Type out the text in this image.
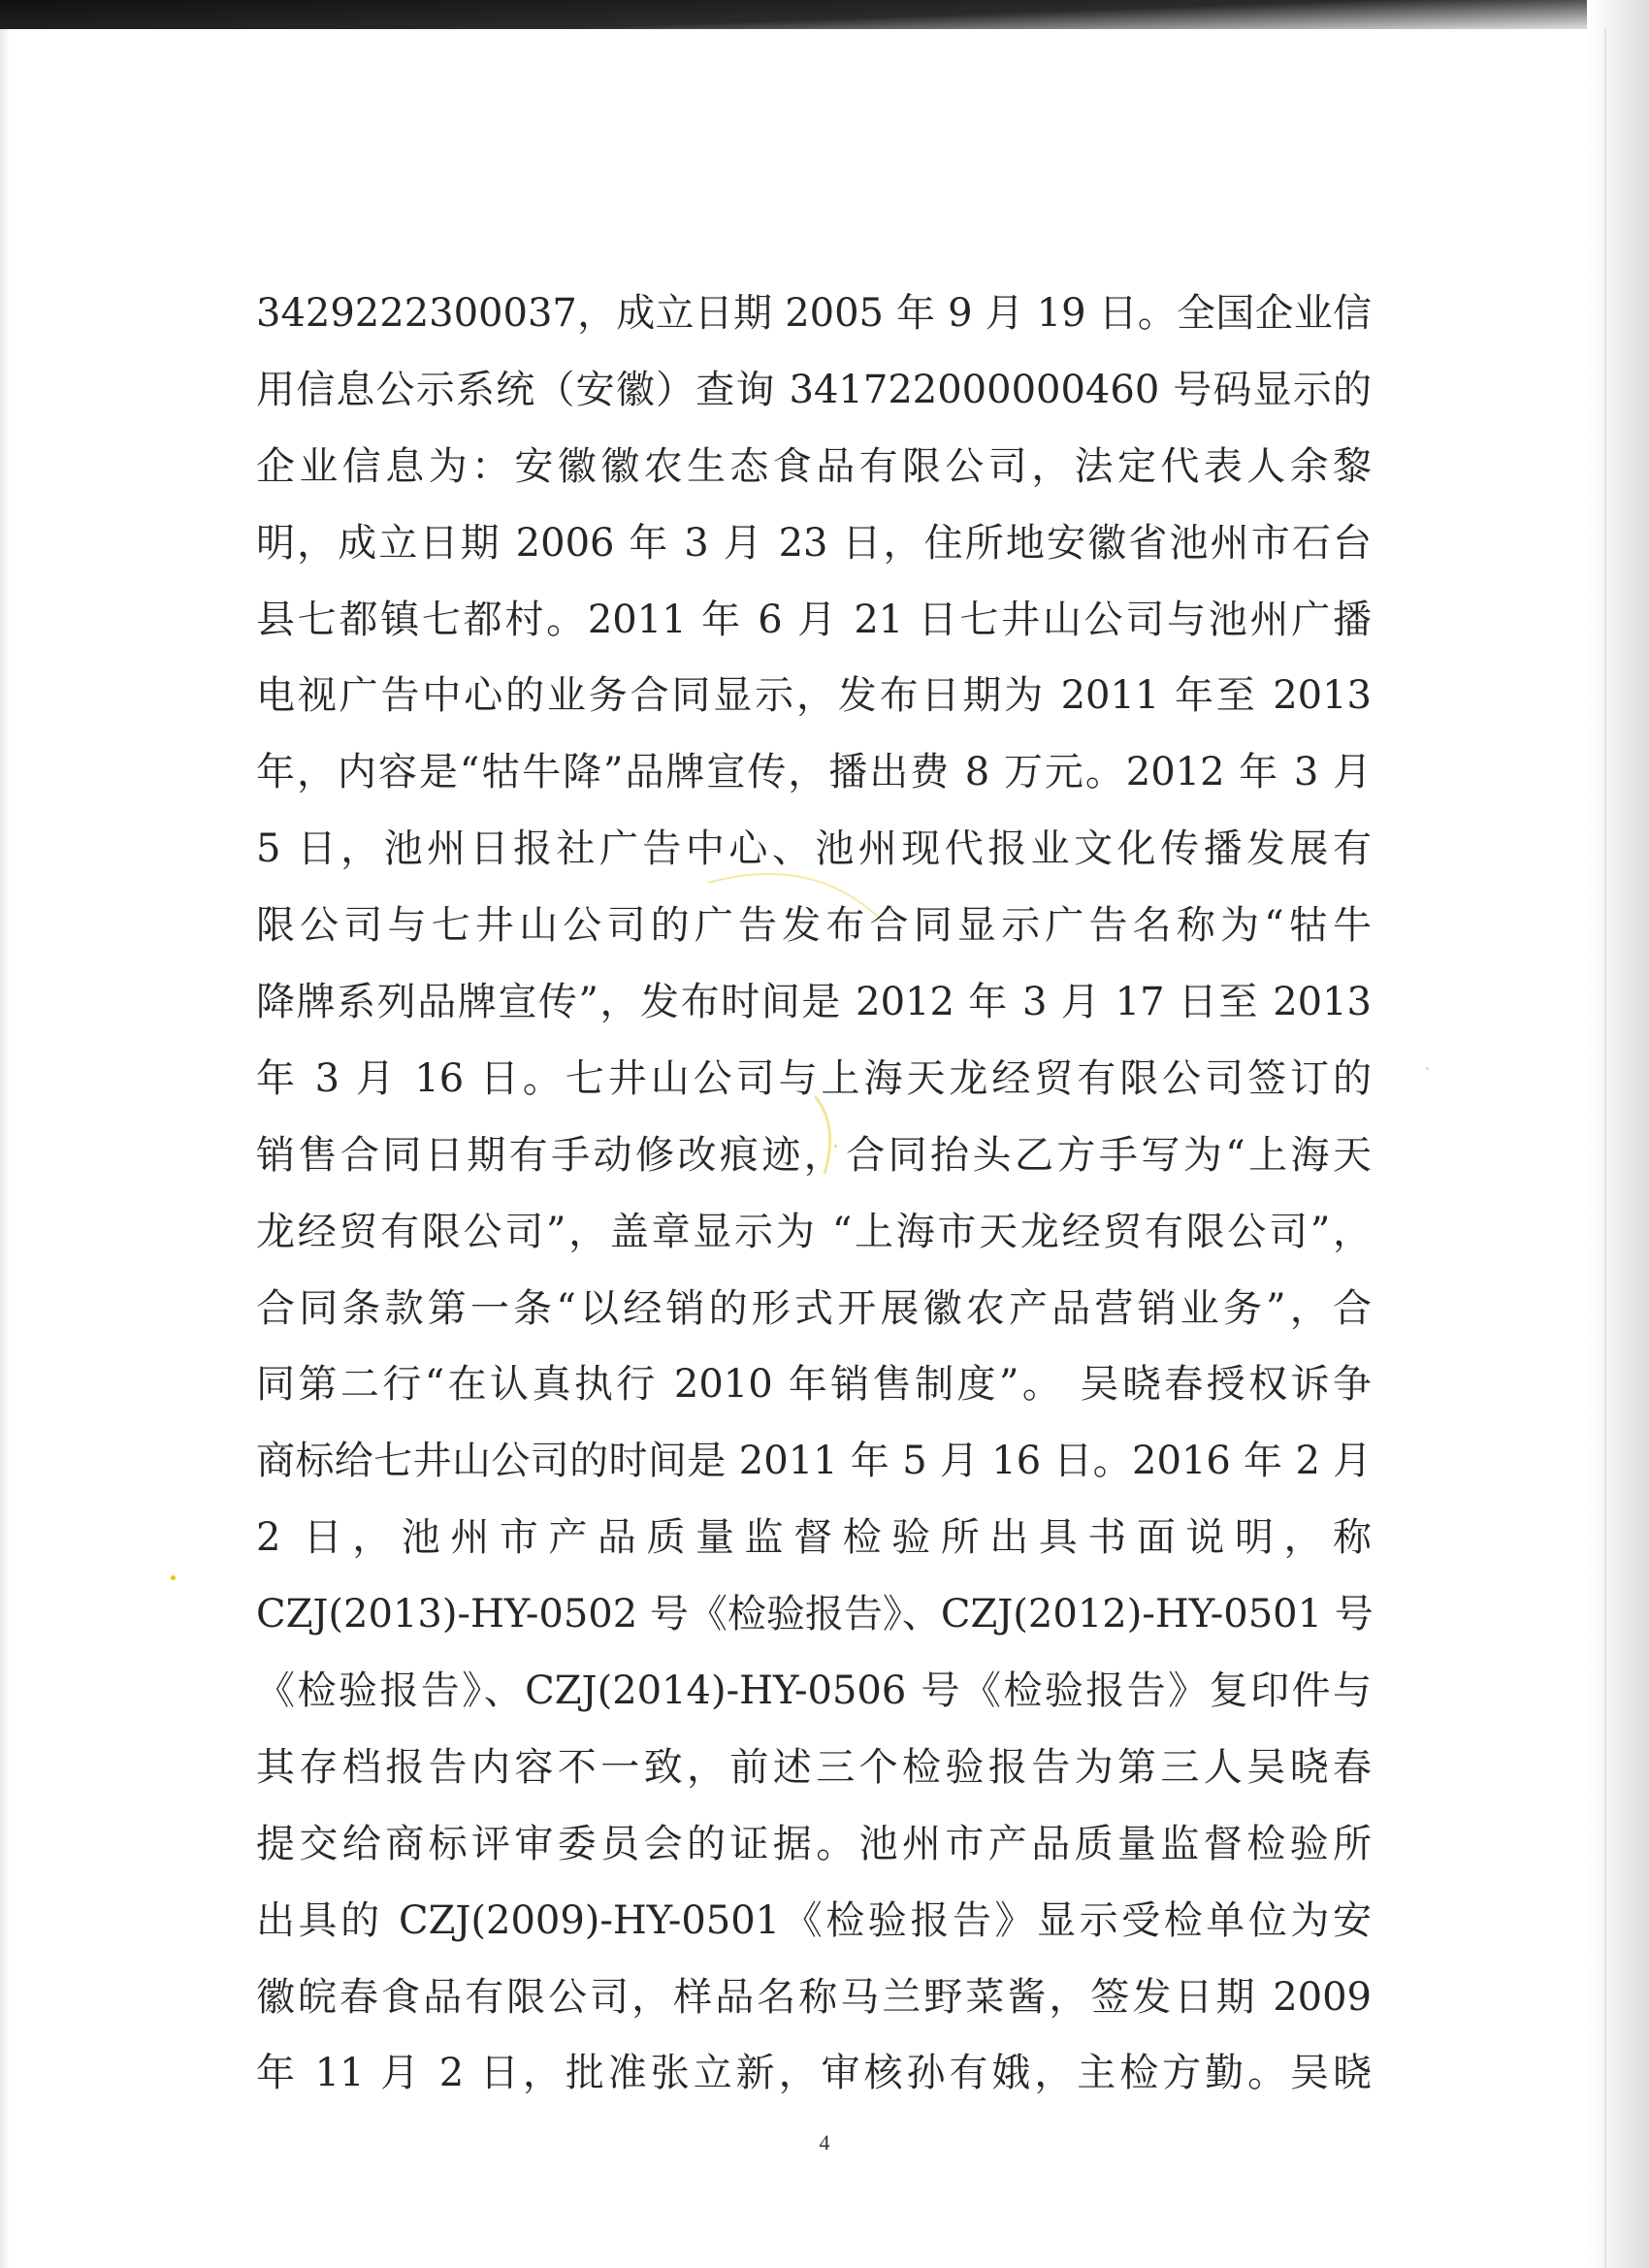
3429222300037，成立日期 2005 年 9 月 19 日。全国企业信
用信息公示系统（安徽）查询 341722000000460 号码显示的
企业信息为：安徽徽农生态食品有限公司，法定代表人余黎
明，成立日期 2006 年 3 月 23 日，住所地安徽省池州市石台
县七都镇七都村。2011 年 6 月 21 日七井山公司与池州广播
电视广告中心的业务合同显示，发布日期为 2011 年至 2013
年，内容是“牯牛降”品牌宣传，播出费 8 万元。2012 年 3 月
5 日，池州日报社广告中心、池州现代报业文化传播发展有
限公司与七井山公司的广告发布合同显示广告名称为“牯牛
降牌系列品牌宣传”，发布时间是 2012 年 3 月 17 日至 2013
年 3 月 16 日。七井山公司与上海天龙经贸有限公司签订的
销售合同日期有手动修改痕迹，合同抬头乙方手写为“上海天
龙经贸有限公司”，盖章显示为 “上海市天龙经贸有限公司”，
合同条款第一条“以经销的形式开展徽农产品营销业务”，合
同第二行“在认真执行 2010 年销售制度”。 吴晓春授权诉争
商标给七井山公司的时间是 2011 年 5 月 16 日。2016 年 2 月
2 日，池州市产品质量监督检验所出具书面说明，称
CZJ(2013)-HY-0502 号《检验报告》、CZJ(2012)-HY-0501 号
《检验报告》、CZJ(2014)-HY-0506 号《检验报告》复印件与
其存档报告内容不一致，前述三个检验报告为第三人吴晓春
提交给商标评审委员会的证据。池州市产品质量监督检验所
出具的 CZJ(2009)-HY-0501《检验报告》显示受检单位为安
徽皖春食品有限公司，样品名称马兰野菜酱，签发日期 2009
年 11 月 2 日，批准张立新，审核孙有娥，主检方勤。吴晓
4
